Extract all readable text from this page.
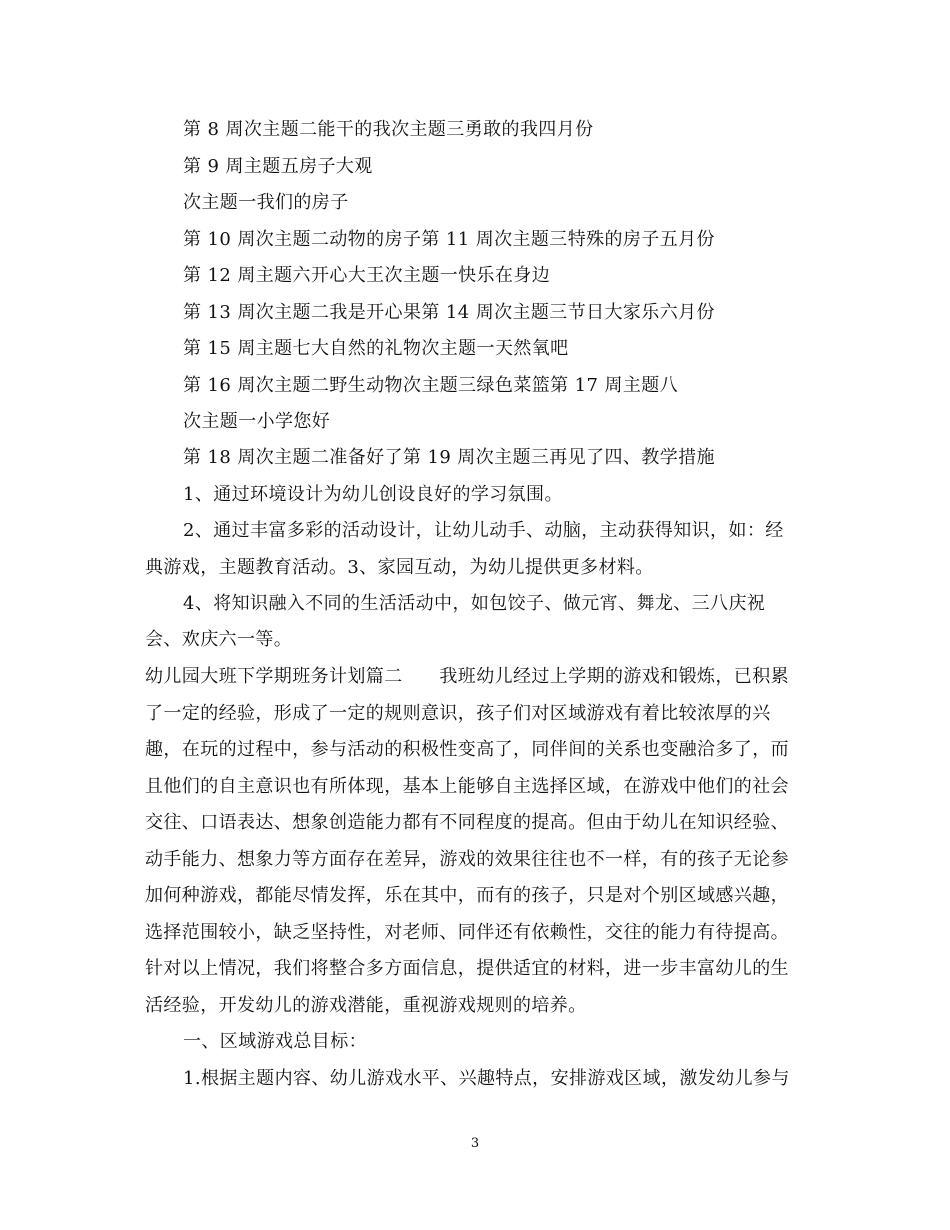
第 8 周次主题二能干的我次主题三勇敢的我四月份
第 9 周主题五房子大观
次主题一我们的房子
第 10 周次主题二动物的房子第 11 周次主题三特殊的房子五月份
第 12 周主题六开心大王次主题一快乐在身边
第 13 周次主题二我是开心果第 14 周次主题三节日大家乐六月份
第 15 周主题七大自然的礼物次主题一天然氧吧
第 16 周次主题二野生动物次主题三绿色菜篮第 17 周主题八
次主题一小学您好
第 18 周次主题二准备好了第 19 周次主题三再见了四、教学措施
1、通过环境设计为幼儿创设良好的学习氛围。
2、通过丰富多彩的活动设计，让幼儿动手、动脑，主动获得知识，如：经
典游戏，主题教育活动。3、家园互动，为幼儿提供更多材料。
4、将知识融入不同的生活活动中，如包饺子、做元宵、舞龙、三八庆祝
会、欢庆六一等。
幼儿园大班下学期班务计划篇二　　我班幼儿经过上学期的游戏和锻炼，已积累
了一定的经验，形成了一定的规则意识，孩子们对区域游戏有着比较浓厚的兴
趣，在玩的过程中，参与活动的积极性变高了，同伴间的关系也变融洽多了，而
且他们的自主意识也有所体现，基本上能够自主选择区域，在游戏中他们的社会
交往、口语表达、想象创造能力都有不同程度的提高。但由于幼儿在知识经验、
动手能力、想象力等方面存在差异，游戏的效果往往也不一样，有的孩子无论参
加何种游戏，都能尽情发挥，乐在其中，而有的孩子，只是对个别区域感兴趣，
选择范围较小，缺乏坚持性，对老师、同伴还有依赖性，交往的能力有待提高。
针对以上情况，我们将整合多方面信息，提供适宜的材料，进一步丰富幼儿的生
活经验，开发幼儿的游戏潜能，重视游戏规则的培养。
一、区域游戏总目标：
1.根据主题内容、幼儿游戏水平、兴趣特点，安排游戏区域，激发幼儿参与
3
